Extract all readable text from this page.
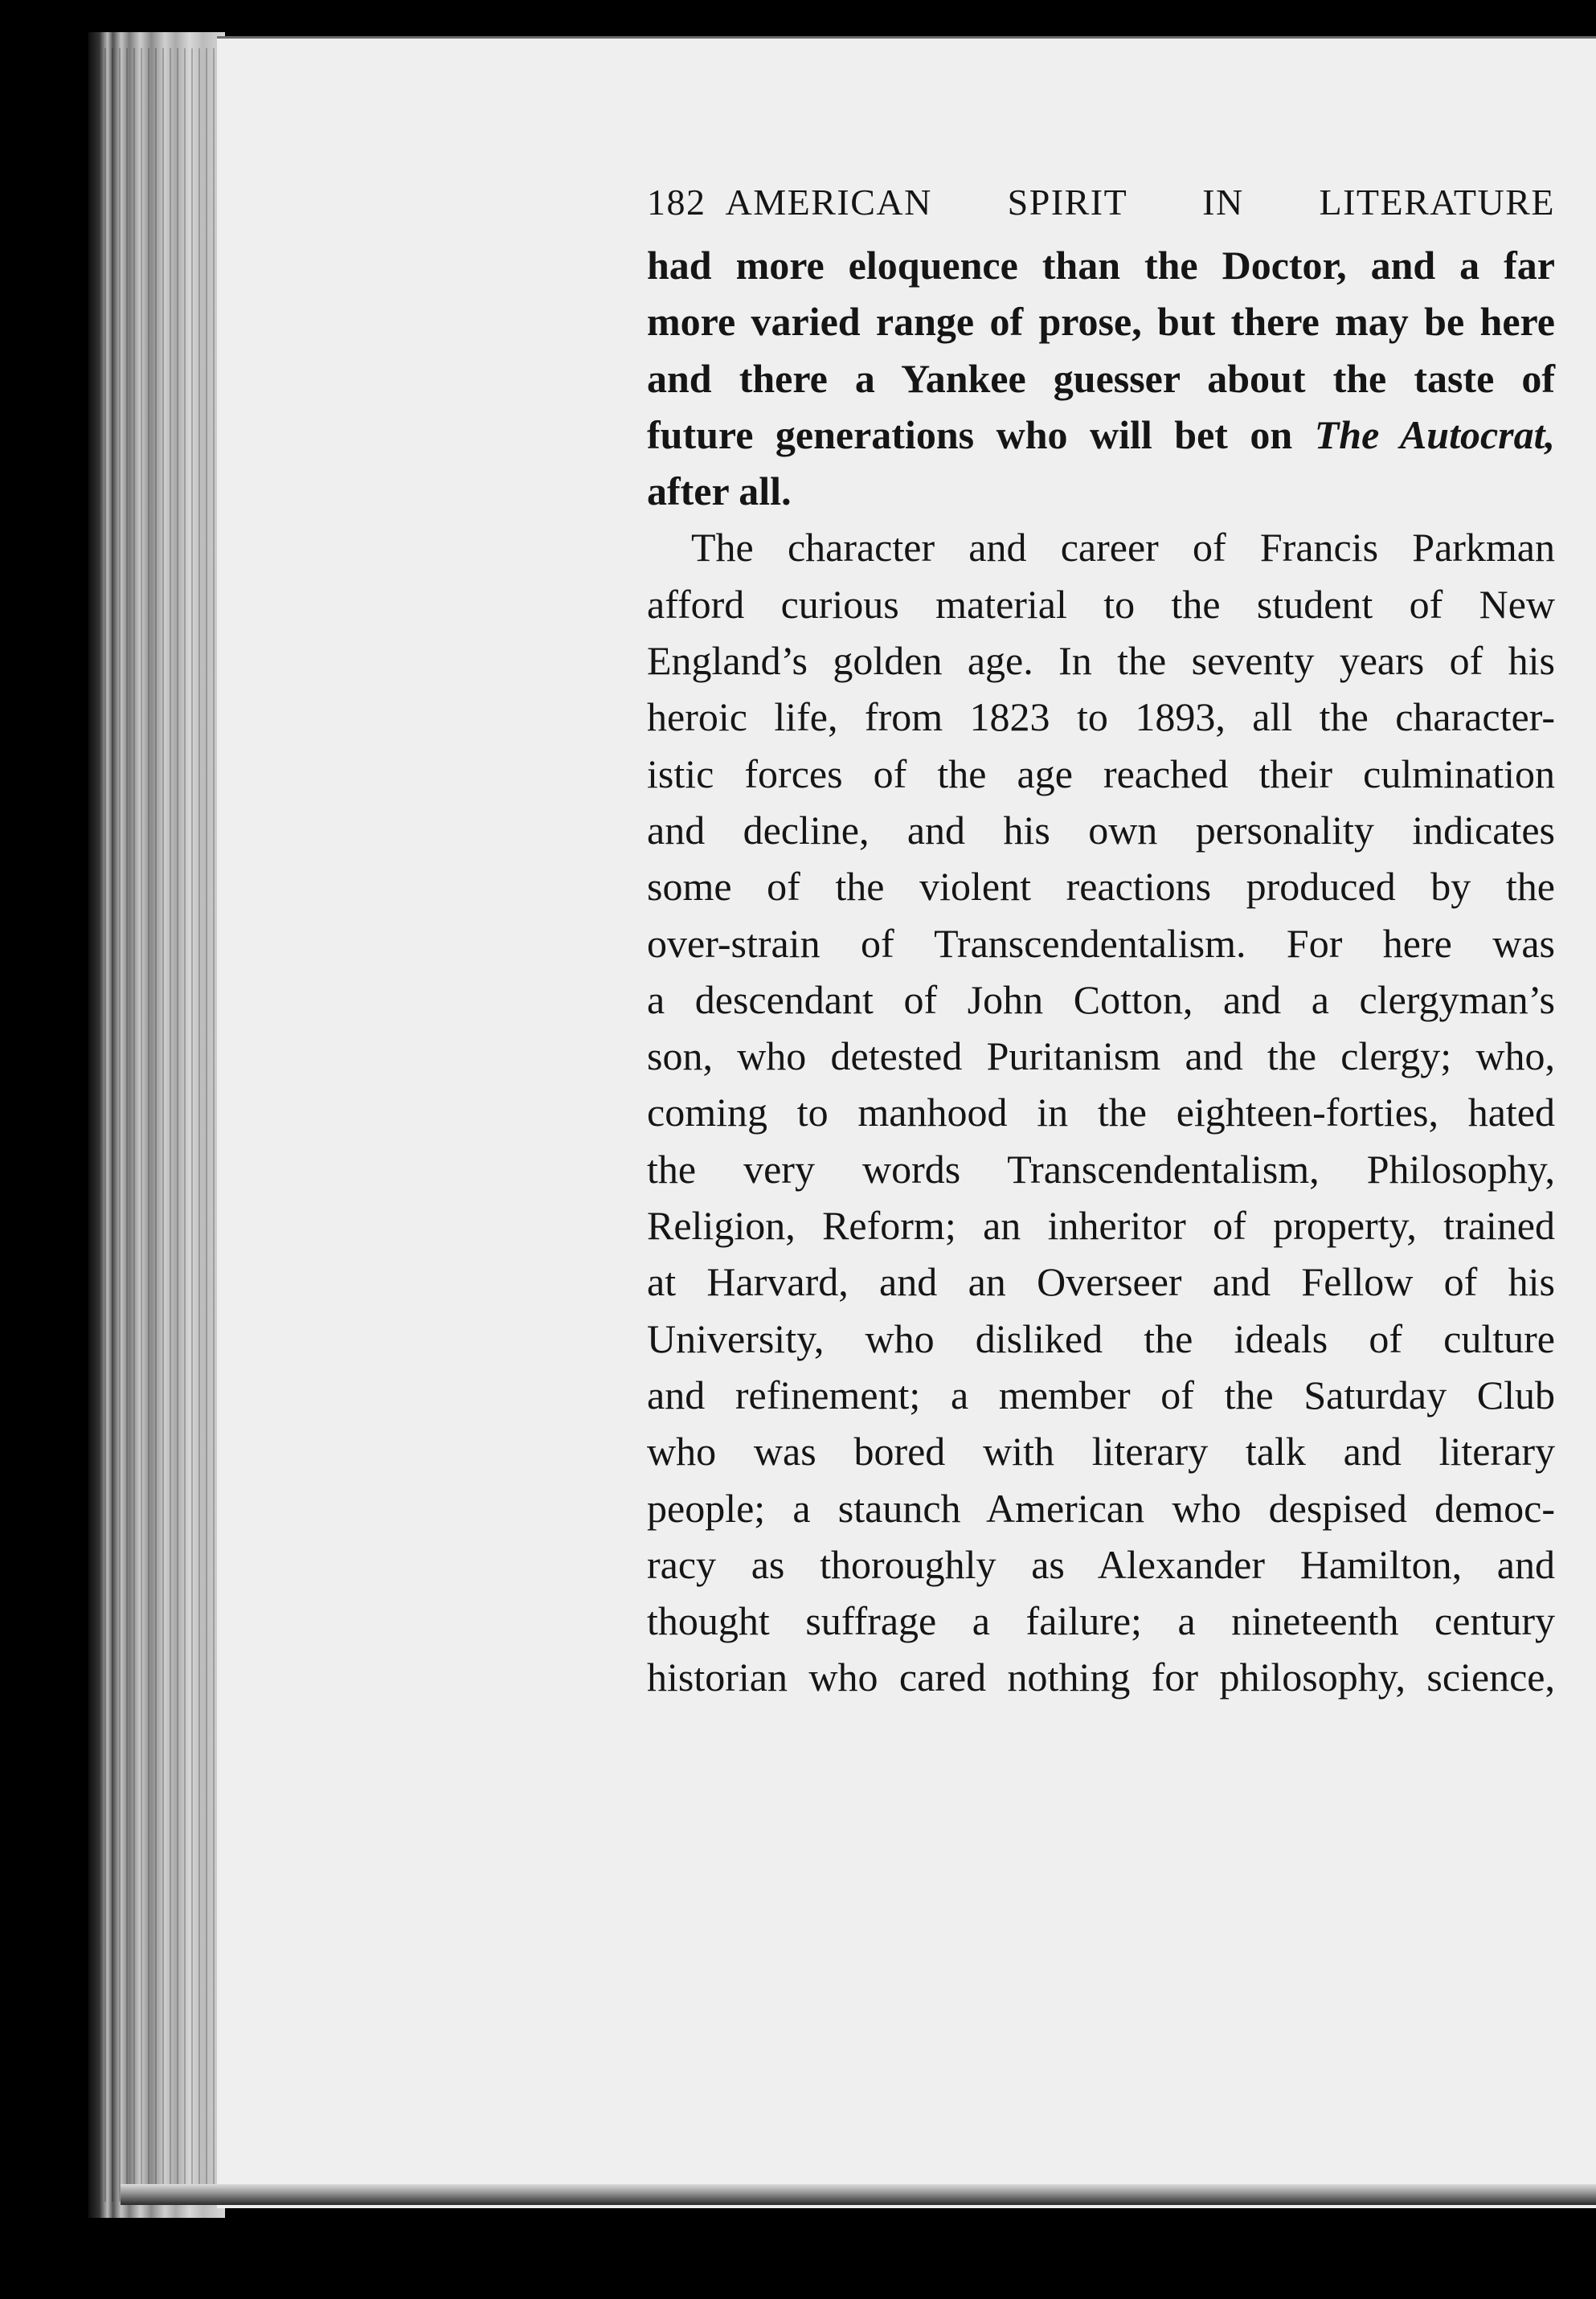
182 AMERICAN SPIRIT IN LITERATURE
had more eloquence than the Doctor, and a far
more varied range of prose, but there may be here
and there a Yankee guesser about the taste of
future generations who will bet on The Autocrat,
after all.
The character and career of Francis Parkman
afford curious material to the student of New
England’s golden age. In the seventy years of his
heroic life, from 1823 to 1893, all the character-
istic forces of the age reached their culmination
and decline, and his own personality indicates
some of the violent reactions produced by the
over-strain of Transcendentalism. For here was
a descendant of John Cotton, and a clergyman’s
son, who detested Puritanism and the clergy; who,
coming to manhood in the eighteen-forties, hated
the very words Transcendentalism, Philosophy,
Religion, Reform; an inheritor of property, trained
at Harvard, and an Overseer and Fellow of his
University, who disliked the ideals of culture
and refinement; a member of the Saturday Club
who was bored with literary talk and literary
people; a staunch American who despised democ-
racy as thoroughly as Alexander Hamilton, and
thought suffrage a failure; a nineteenth century
historian who cared nothing for philosophy, science,
